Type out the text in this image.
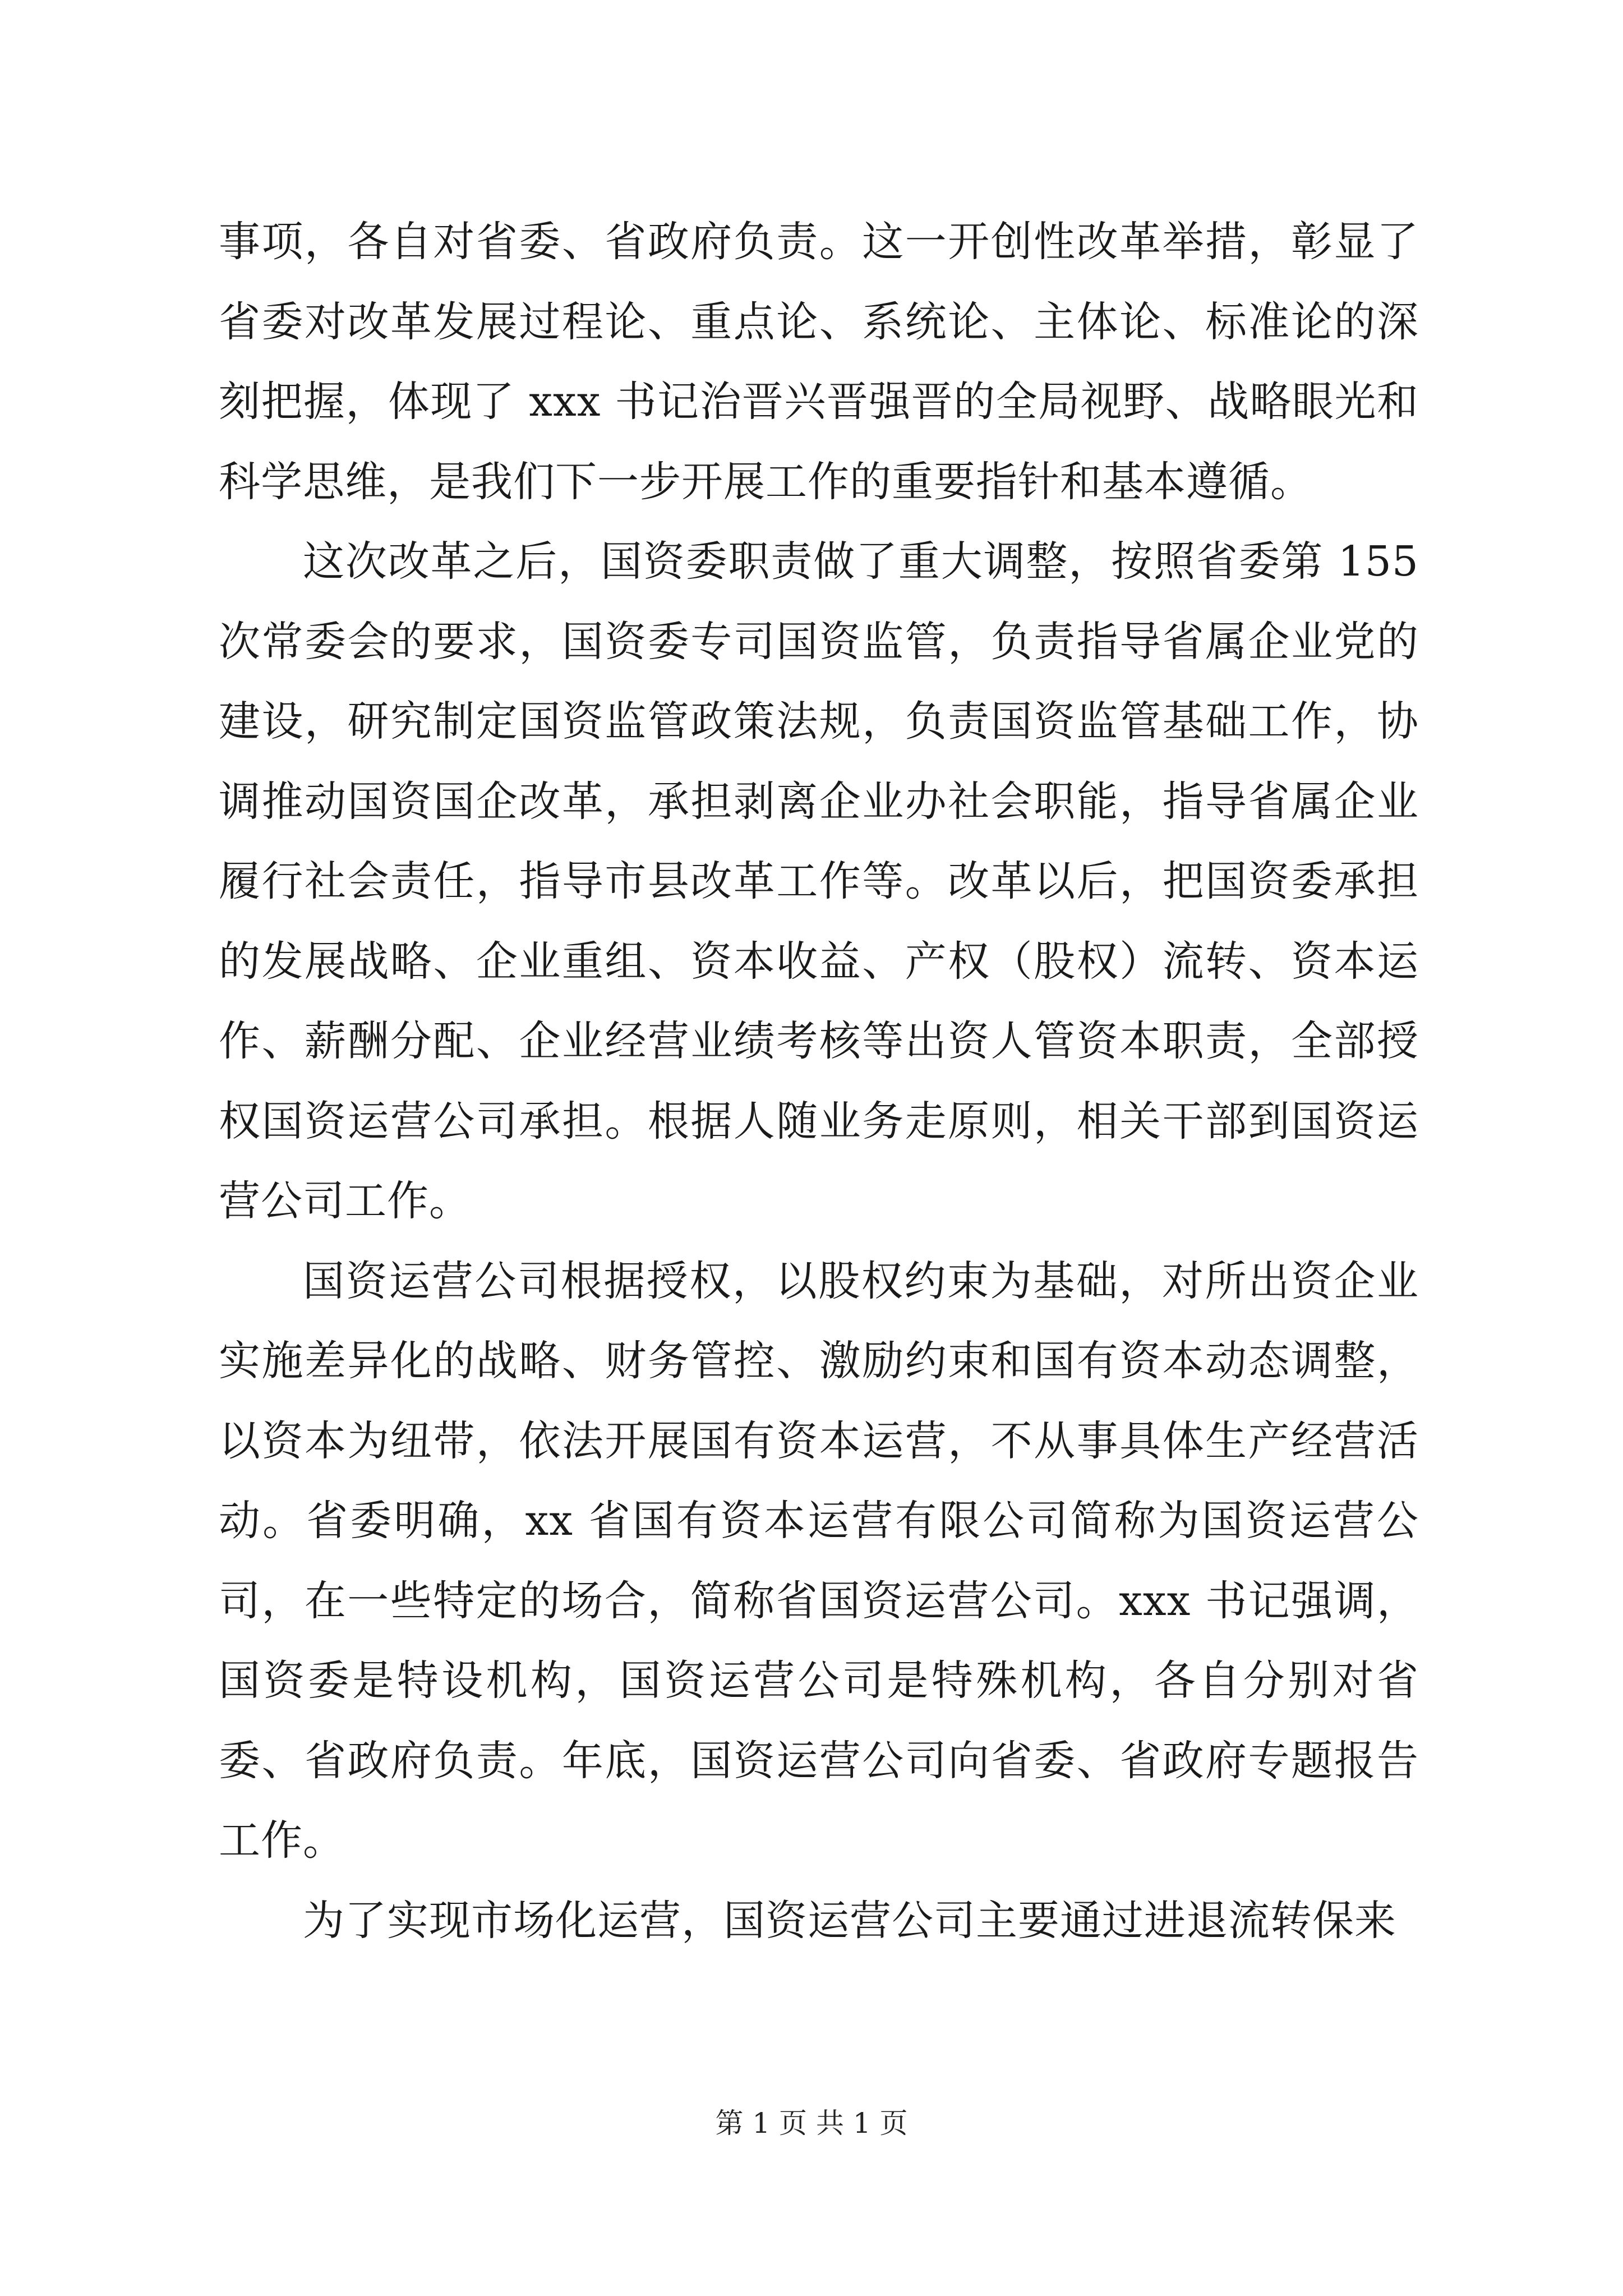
事项，各自对省委、省政府负责。这一开创性改革举措，彰显了省委对改革发展过程论、重点论、系统论、主体论、标准论的深刻把握，体现了 xxx 书记治晋兴晋强晋的全局视野、战略眼光和科学思维，是我们下一步开展工作的重要指针和基本遵循。

这次改革之后，国资委职责做了重大调整，按照省委第 155 次常委会的要求，国资委专司国资监管，负责指导省属企业党的建设，研究制定国资监管政策法规，负责国资监管基础工作，协调推动国资国企改革，承担剥离企业办社会职能，指导省属企业履行社会责任，指导市县改革工作等。改革以后，把国资委承担的发展战略、企业重组、资本收益、产权（股权）流转、资本运作、薪酬分配、企业经营业绩考核等出资人管资本职责，全部授权国资运营公司承担。根据人随业务走原则，相关干部到国资运营公司工作。

国资运营公司根据授权，以股权约束为基础，对所出资企业实施差异化的战略、财务管控、激励约束和国有资本动态调整，以资本为纽带，依法开展国有资本运营，不从事具体生产经营活动。省委明确，xx 省国有资本运营有限公司简称为国资运营公司，在一些特定的场合，简称省国资运营公司。xxx 书记强调，国资委是特设机构，国资运营公司是特殊机构，各自分别对省委、省政府负责。年底，国资运营公司向省委、省政府专题报告工作。

为了实现市场化运营，国资运营公司主要通过进退流转保来

第 1 页 共 1 页
